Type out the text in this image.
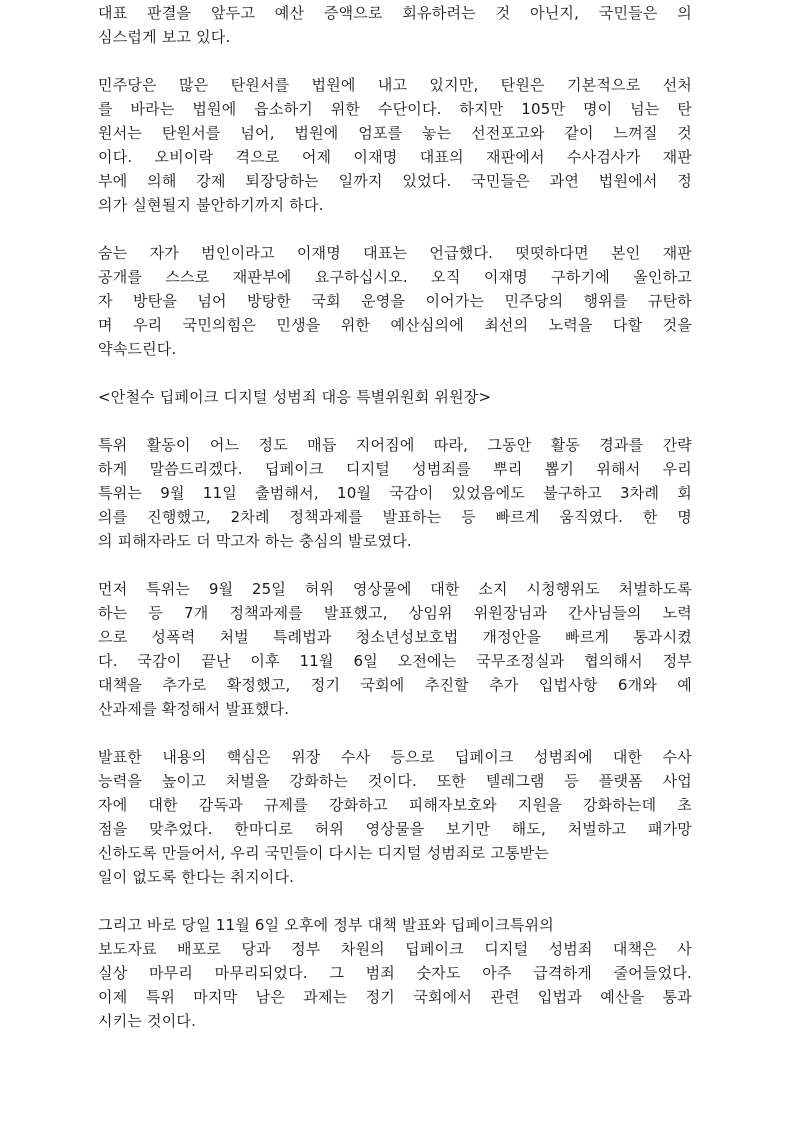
대표 판결을 앞두고 예산 증액으로 회유하려는 것 아닌지, 국민들은 의
심스럽게 보고 있다.

민주당은 많은 탄원서를 법원에 내고 있지만, 탄원은 기본적으로 선처
를 바라는 법원에 읍소하기 위한 수단이다. 하지만 105만 명이 넘는 탄
원서는 탄원서를 넘어, 법원에 엄포를 놓는 선전포고와 같이 느껴질 것
이다. 오비이락 격으로 어제 이재명 대표의 재판에서 수사검사가 재판
부에 의해 강제 퇴장당하는 일까지 있었다. 국민들은 과연 법원에서 정
의가 실현될지 불안하기까지 하다.

숨는 자가 범인이라고 이재명 대표는 언급했다. 떳떳하다면 본인 재판
공개를 스스로 재판부에 요구하십시오. 오직 이재명 구하기에 올인하고
자 방탄을 넘어 방탕한 국회 운영을 이어가는 민주당의 행위를 규탄하
며 우리 국민의힘은 민생을 위한 예산심의에 최선의 노력을 다할 것을
약속드린다.

<안철수 딥페이크 디지털 성범죄 대응 특별위원회 위원장>

특위 활동이 어느 정도 매듭 지어짐에 따라, 그동안 활동 경과를 간략
하게 말씀드리겠다. 딥페이크 디지털 성범죄를 뿌리 뽑기 위해서 우리
특위는 9월 11일 출범해서, 10월 국감이 있었음에도 불구하고 3차례 회
의를 진행했고, 2차례 정책과제를 발표하는 등 빠르게 움직였다. 한 명
의 피해자라도 더 막고자 하는 충심의 발로였다.

먼저 특위는 9월 25일 허위 영상물에 대한 소지 시청행위도 처벌하도록
하는 등 7개 정책과제를 발표했고, 상임위 위원장님과 간사님들의 노력
으로 성폭력 처벌 특례법과 청소년성보호법 개정안을 빠르게 통과시켰
다. 국감이 끝난 이후 11월 6일 오전에는 국무조정실과 협의해서 정부
대책을 추가로 확정했고, 정기 국회에 추진할 추가 입법사항 6개와 예
산과제를 확정해서 발표했다.

발표한 내용의 핵심은 위장 수사 등으로 딥페이크 성범죄에 대한 수사
능력을 높이고 처벌을 강화하는 것이다. 또한 텔레그램 등 플랫폼 사업
자에 대한 감독과 규제를 강화하고 피해자보호와 지원을 강화하는데 초
점을 맞추었다. 한마디로 허위 영상물을 보기만 해도, 처벌하고 패가망
신하도록 만들어서, 우리 국민들이 다시는 디지털 성범죄로 고통받는
일이 없도록 한다는 취지이다.

그리고 바로 당일 11월 6일 오후에 정부 대책 발표와 딥페이크특위의
보도자료 배포로 당과 정부 차원의 딥페이크 디지털 성범죄 대책은 사
실상 마무리 마무리되었다. 그 범죄 숫자도 아주 급격하게 줄어들었다.
이제 특위 마지막 남은 과제는 정기 국회에서 관련 입법과 예산을 통과
시키는 것이다.
